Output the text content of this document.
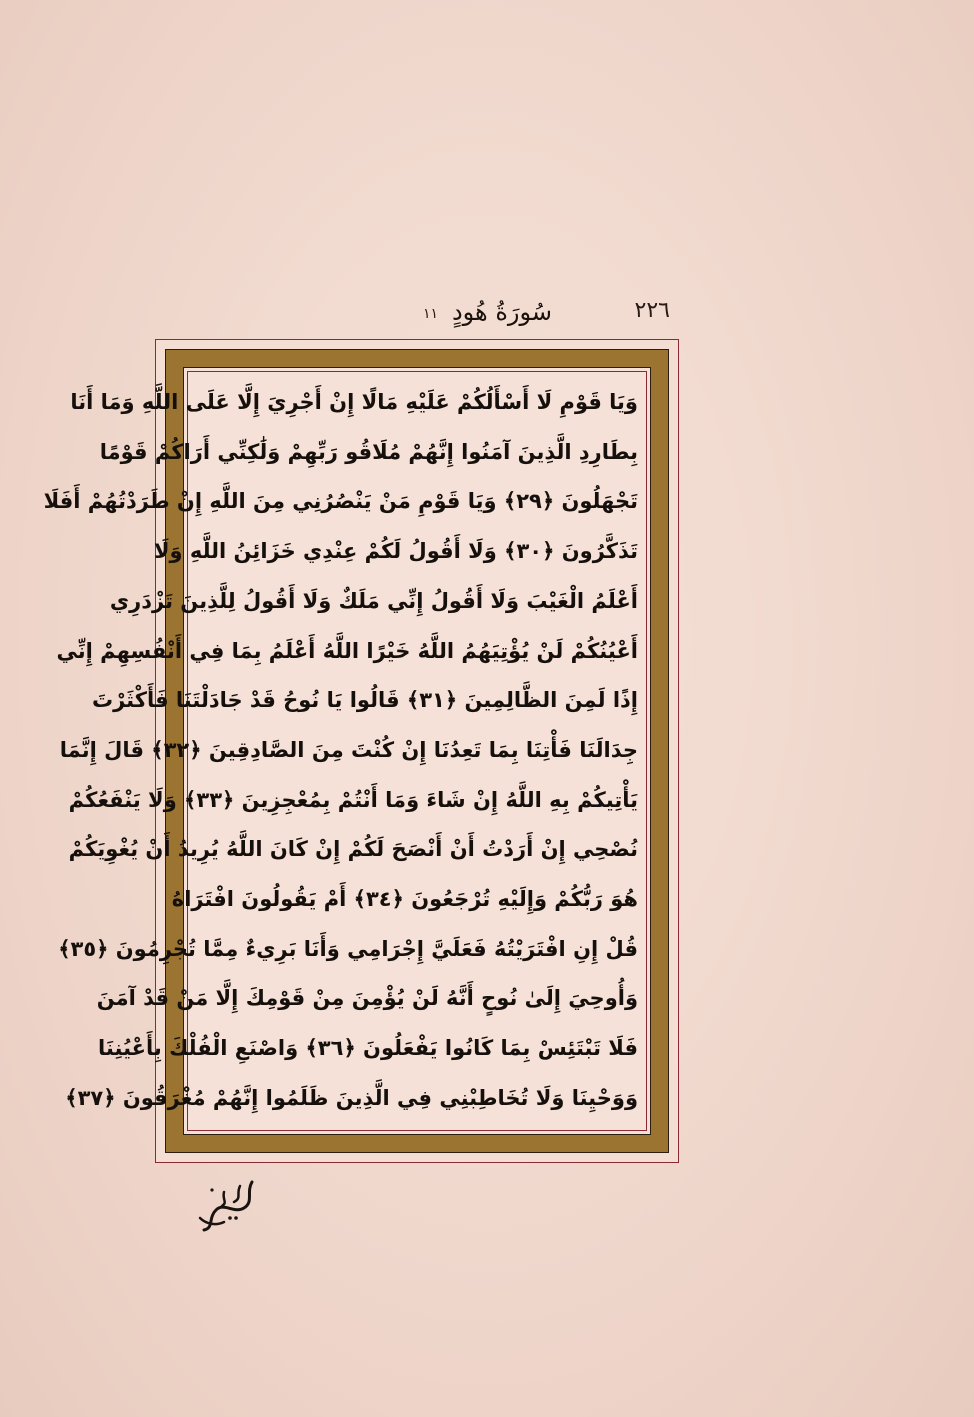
٢٢٦
سُورَةُ هُودٍ
١١
وَيَا قَوْمِ لَا أَسْأَلُكُمْ عَلَيْهِ مَالًا إِنْ أَجْرِيَ إِلَّا عَلَى اللَّهِ وَمَا أَنَا
بِطَارِدِ الَّذِينَ آمَنُوا إِنَّهُمْ مُلَاقُو رَبِّهِمْ وَلَٰكِنِّي أَرَاكُمْ قَوْمًا
تَجْهَلُونَ ﴿٢٩﴾ وَيَا قَوْمِ مَنْ يَنْصُرُنِي مِنَ اللَّهِ إِنْ طَرَدْتُهُمْ أَفَلَا
تَذَكَّرُونَ ﴿٣٠﴾ وَلَا أَقُولُ لَكُمْ عِنْدِي خَزَائِنُ اللَّهِ وَلَا
أَعْلَمُ الْغَيْبَ وَلَا أَقُولُ إِنِّي مَلَكٌ وَلَا أَقُولُ لِلَّذِينَ تَزْدَرِي
أَعْيُنُكُمْ لَنْ يُؤْتِيَهُمُ اللَّهُ خَيْرًا اللَّهُ أَعْلَمُ بِمَا فِي أَنْفُسِهِمْ إِنِّي
إِذًا لَمِنَ الظَّالِمِينَ ﴿٣١﴾ قَالُوا يَا نُوحُ قَدْ جَادَلْتَنَا فَأَكْثَرْتَ
جِدَالَنَا فَأْتِنَا بِمَا تَعِدُنَا إِنْ كُنْتَ مِنَ الصَّادِقِينَ ﴿٣٢﴾ قَالَ إِنَّمَا
يَأْتِيكُمْ بِهِ اللَّهُ إِنْ شَاءَ وَمَا أَنْتُمْ بِمُعْجِزِينَ ﴿٣٣﴾ وَلَا يَنْفَعُكُمْ
نُصْحِي إِنْ أَرَدْتُ أَنْ أَنْصَحَ لَكُمْ إِنْ كَانَ اللَّهُ يُرِيدُ أَنْ يُغْوِيَكُمْ
هُوَ رَبُّكُمْ وَإِلَيْهِ تُرْجَعُونَ ﴿٣٤﴾ أَمْ يَقُولُونَ افْتَرَاهُ
قُلْ إِنِ افْتَرَيْتُهُ فَعَلَيَّ إِجْرَامِي وَأَنَا بَرِيءٌ مِمَّا تُجْرِمُونَ ﴿٣٥﴾
وَأُوحِيَ إِلَىٰ نُوحٍ أَنَّهُ لَنْ يُؤْمِنَ مِنْ قَوْمِكَ إِلَّا مَنْ قَدْ آمَنَ
فَلَا تَبْتَئِسْ بِمَا كَانُوا يَفْعَلُونَ ﴿٣٦﴾ وَاصْنَعِ الْفُلْكَ بِأَعْيُنِنَا
وَوَحْيِنَا وَلَا تُخَاطِبْنِي فِي الَّذِينَ ظَلَمُوا إِنَّهُمْ مُغْرَقُونَ ﴿٣٧﴾
